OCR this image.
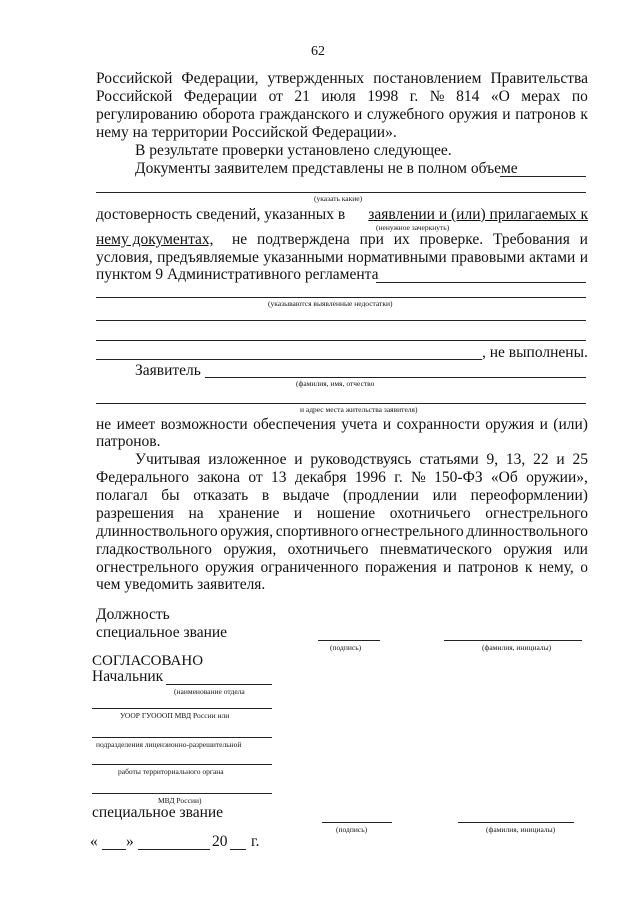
62
Российской Федерации, утвержденных постановлением Правительства
Российской Федерации от 21 июля 1998 г. № 814 «О мерах по
регулированию оборота гражданского и служебного оружия и патронов к
нему на территории Российской Федерации».
В результате проверки установлено следующее.
Документы заявителем представлены не в полном объеме
(указать какие)
достоверность сведений, указанных в заявлении и (или) прилагаемых к
(ненужное зачеркнуть)
нему документах, не подтверждена при их проверке. Требования и
условия, предъявляемые указанными нормативными правовыми актами и
пунктом 9 Административного регламента
(указываются выявленные недостатки)
, не выполнены.
Заявитель
(фамилия, имя, отчество
и адрес места жительства заявителя)
не имеет возможности обеспечения учета и сохранности оружия и (или)
патронов.
Учитывая изложенное и руководствуясь статьями 9, 13, 22 и 25
Федерального закона от 13 декабря 1996 г. № 150-ФЗ «Об оружии»,
полагал бы отказать в выдаче (продлении или переоформлении)
разрешения на хранение и ношение охотничьего огнестрельного
длинноствольного оружия, спортивного огнестрельного длинноствольного
гладкоствольного оружия, охотничьего пневматического оружия или
огнестрельного оружия ограниченного поражения и патронов к нему, о
чем уведомить заявителя.
Должность
специальное звание
(подпись)	(фамилия, инициалы)
СОГЛАСОВАНО
Начальник
(наименование отдела
УООР ГУОООП МВД России или
подразделения лицензионно-разрешительной
работы территориального органа
МВД России)
специальное звание
(подпись)	(фамилия, инициалы)
« »	20 г.
